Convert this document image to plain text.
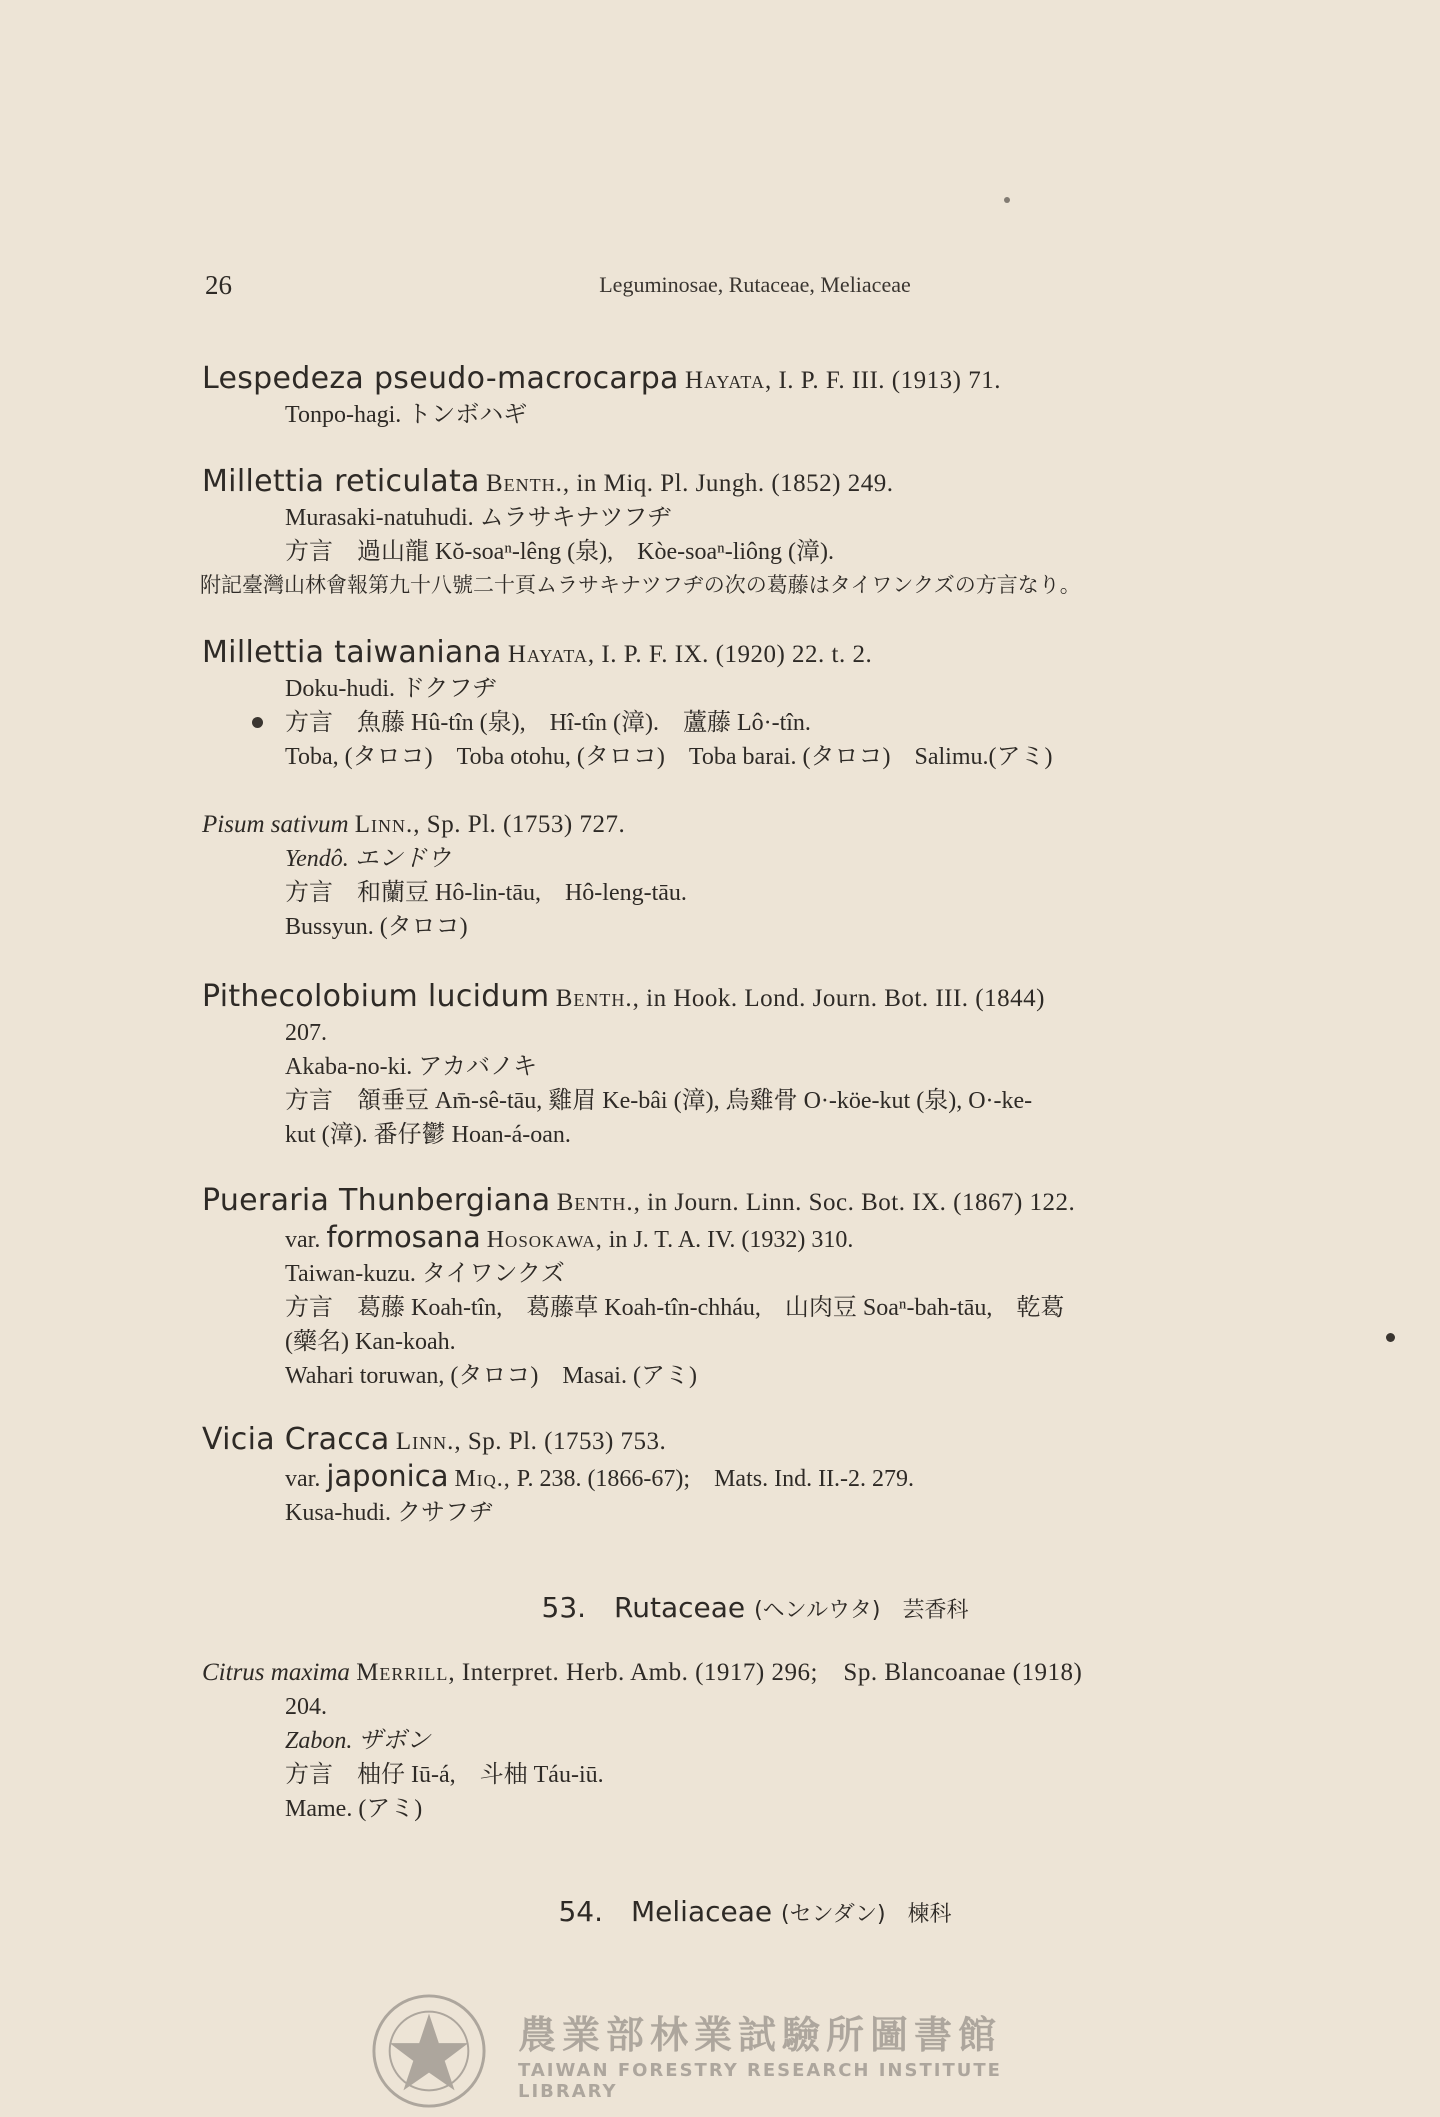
26	Leguminosae, Rutaceae, Meliaceae
Lespedeza pseudo-macrocarpa Hayata, I. P. F. III. (1913) 71.
Tonpo-hagi. トンボハギ
Millettia reticulata Benth., in Miq. Pl. Jungh. (1852) 249.
Murasaki-natuhudi. ムラサキナツフヂ
方言　過山龍 Kŏ-soaⁿ-lêng (泉),　Kòe-soaⁿ-liông (漳).
附記臺灣山林會報第九十八號二十頁ムラサキナツフヂの次の葛藤はタイワンクズの方言なり。
Millettia taiwaniana Hayata, I. P. F. IX. (1920) 22. t. 2.
Doku-hudi. ドクフヂ
方言　魚藤 Hû-tîn (泉),　Hî-tîn (漳).　蘆藤 Lô·-tîn.
Toba, (タロコ)　Toba otohu, (タロコ)　Toba barai. (タロコ)　Salimu.(アミ)
Pisum sativum Linn., Sp. Pl. (1753) 727.
Yendô. エンドウ
方言　和蘭豆 Hô-lin-tāu,　Hô-leng-tāu.
Bussyun. (タロコ)
Pithecolobium lucidum Benth., in Hook. Lond. Journ. Bot. III. (1844)
207.
Akaba-no-ki. アカバノキ
方言　頷垂豆 Am̄-sê-tāu, 雞眉 Ke-bâi (漳), 烏雞骨 O·-köe-kut (泉), O·-ke-
kut (漳). 番仔鬱 Hoan-á-oan.
Pueraria Thunbergiana Benth., in Journ. Linn. Soc. Bot. IX. (1867) 122.
var. formosana Hosokawa, in J. T. A. IV. (1932) 310.
Taiwan-kuzu. タイワンクズ
方言　葛藤 Koah-tîn,　葛藤草 Koah-tîn-chháu,　山肉豆 Soaⁿ-bah-tāu,　乾葛
(藥名) Kan-koah.
Wahari toruwan, (タロコ)　Masai. (アミ)
Vicia Cracca Linn., Sp. Pl. (1753) 753.
var. japonica Miq., P. 238. (1866-67);　Mats. Ind. II.-2. 279.
Kusa-hudi. クサフヂ
53.　Rutaceae (ヘンルウタ)　芸香科
Citrus maxima Merrill, Interpret. Herb. Amb. (1917) 296;　Sp. Blancoanae (1918)
204.
Zabon. ザボン
方言　柚仔 Iū-á,　斗柚 Táu-iū.
Mame. (アミ)
54.　Meliaceae (センダン)　楝科
農業部林業試驗所圖書館
TAIWAN FORESTRY RESEARCH INSTITUTE LIBRARY
